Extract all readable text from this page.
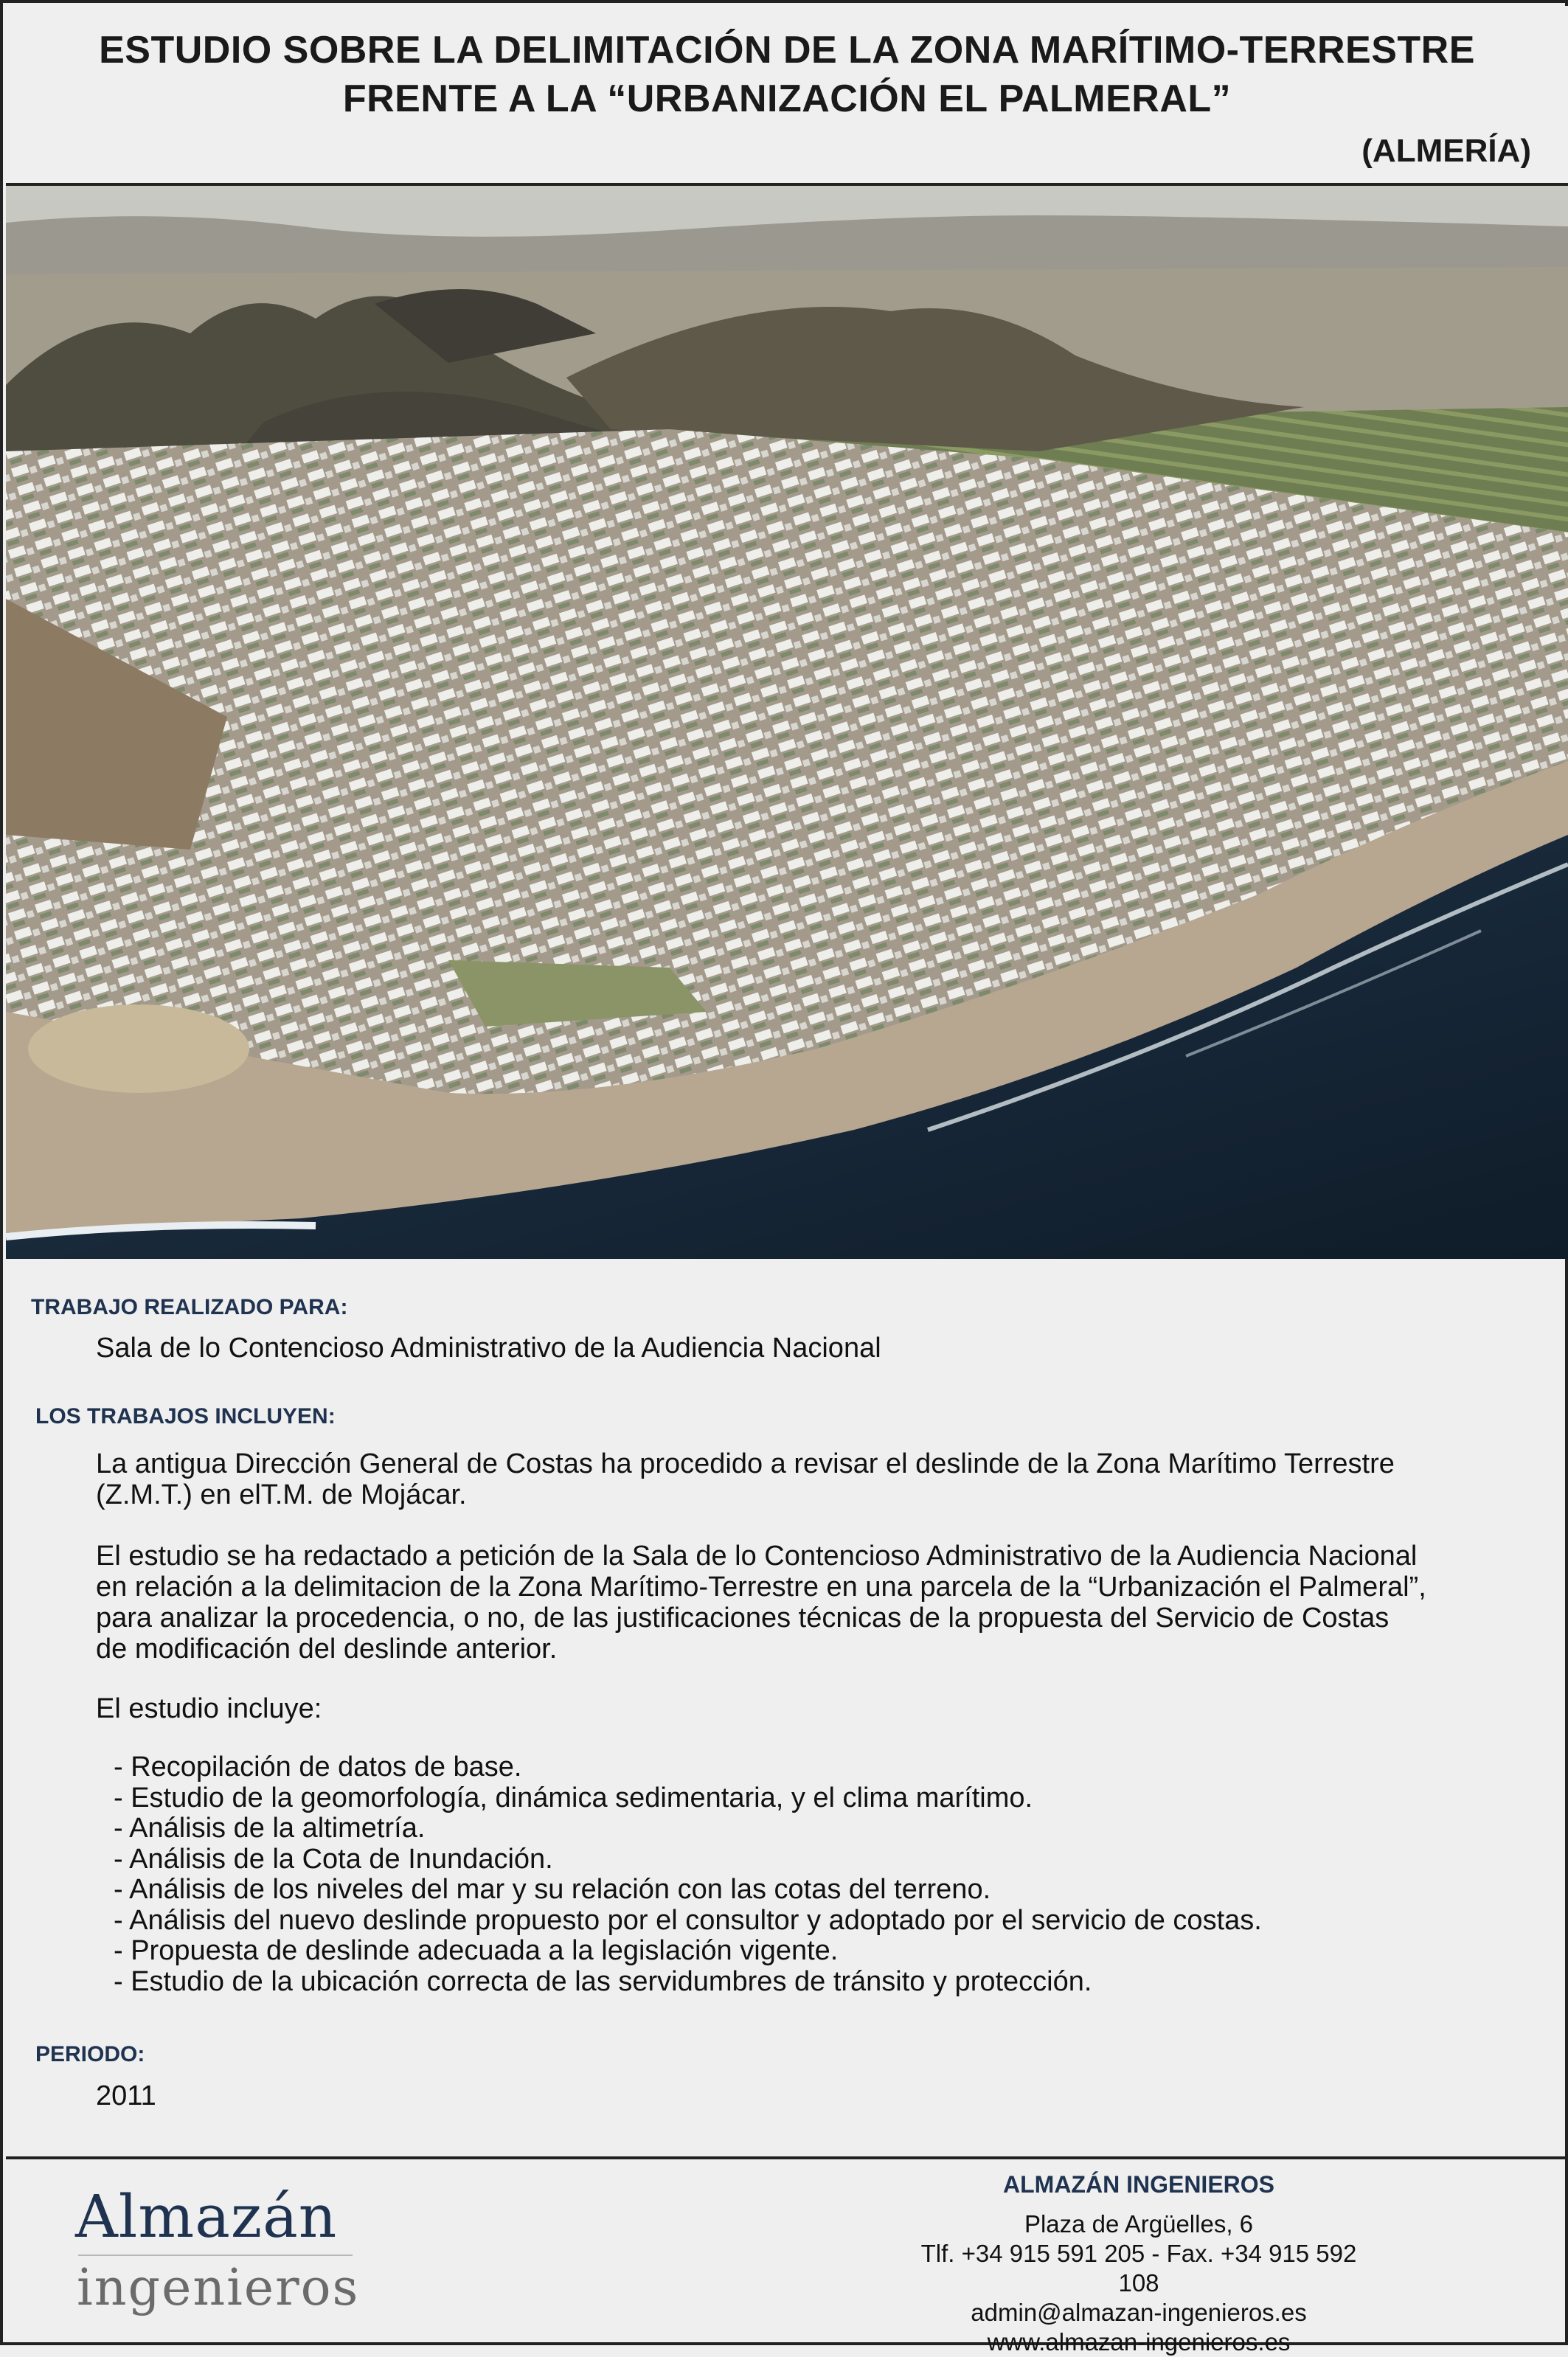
ESTUDIO SOBRE LA DELIMITACIÓN DE LA ZONA MARÍTIMO-TERRESTRE
FRENTE A LA “URBANIZACIÓN EL PALMERAL”
(ALMERÍA)
TRABAJO REALIZADO PARA:
Sala de lo Contencioso Administrativo de la Audiencia Nacional
LOS TRABAJOS INCLUYEN:
La antigua Dirección General de Costas ha procedido a revisar el deslinde de la Zona Marítimo Terrestre
(Z.M.T.) en elT.M. de Mojácar.
El estudio se ha redactado a petición de la Sala de lo Contencioso Administrativo de la Audiencia Nacional
en relación a la delimitacion de la Zona Marítimo-Terrestre en una parcela de la “Urbanización el Palmeral”,
para analizar la procedencia, o no, de las justificaciones técnicas de la propuesta del Servicio de Costas
de modificación del deslinde anterior.
El estudio incluye:
- Recopilación de datos de base.
- Estudio de la geomorfología, dinámica sedimentaria, y el clima marítimo.
- Análisis de la altimetría.
- Análisis de la Cota de Inundación.
- Análisis de los niveles del mar y su relación con las cotas del terreno.
- Análisis del nuevo deslinde propuesto por el consultor y adoptado por el servicio de costas.
- Propuesta de deslinde adecuada a la legislación vigente.
- Estudio de la ubicación correcta de las servidumbres de tránsito y protección.
PERIODO:
2011
Almazán
ingenieros
ALMAZÁN INGENIEROS
Plaza de Argüelles, 6
Tlf. +34 915 591 205 - Fax. +34 915 592 108
admin@almazan-ingenieros.es
www.almazan-ingenieros.es
